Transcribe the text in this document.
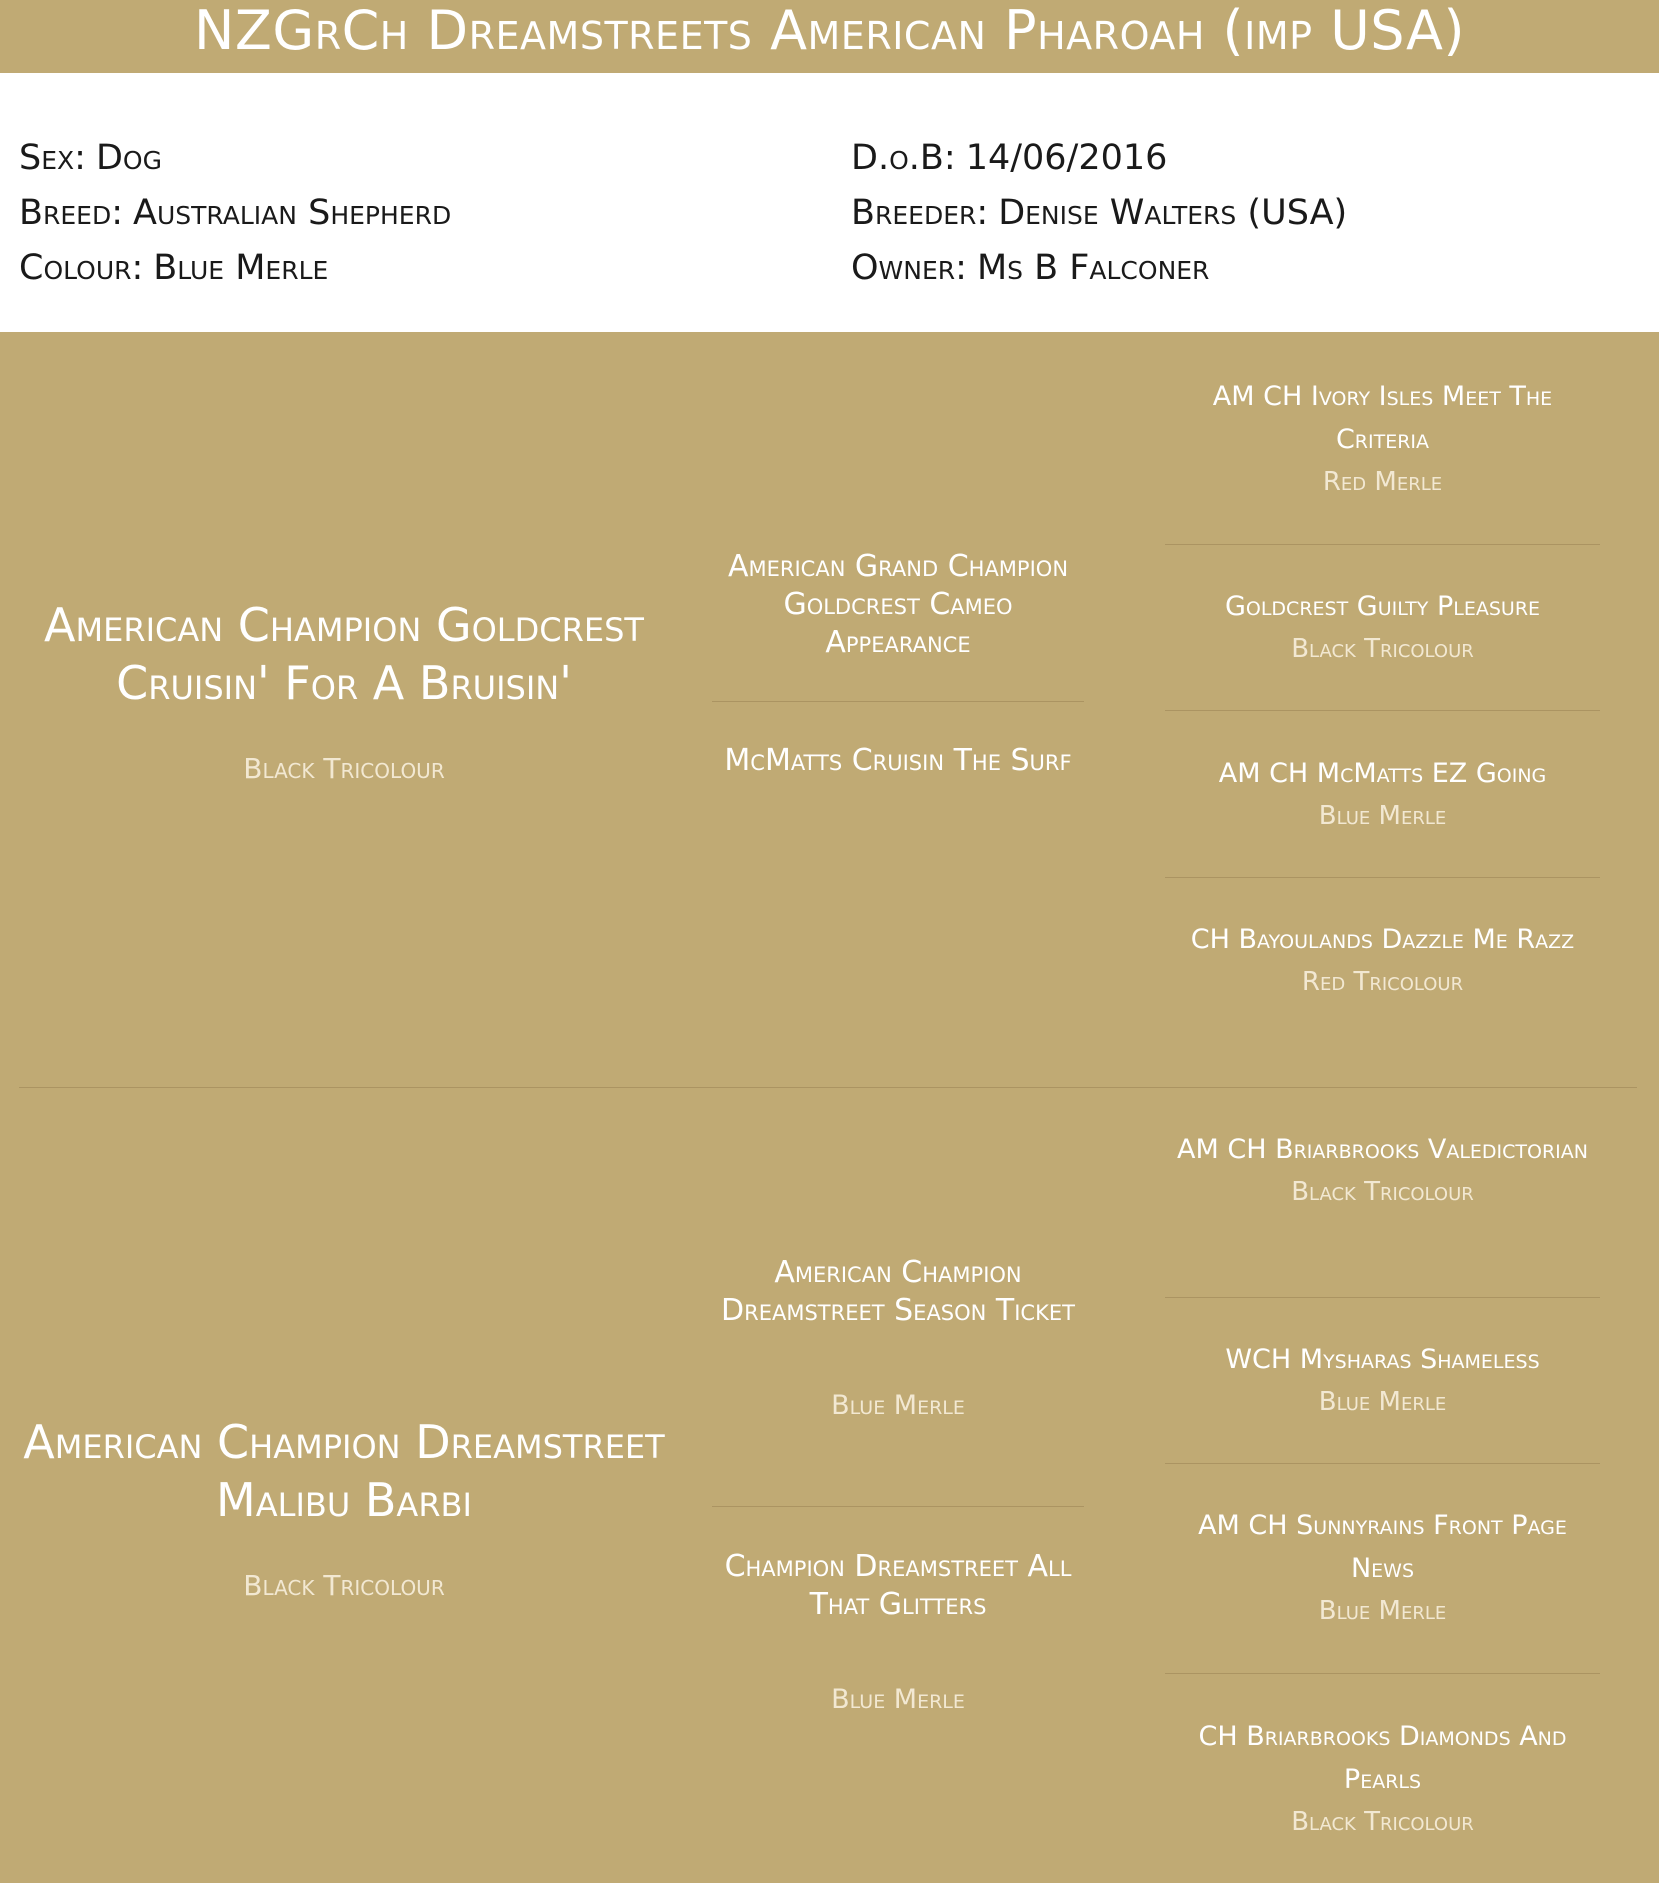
NZGrCh Dreamstreets American Pharoah (imp USA)
Sex: Dog
Breed: Australian Shepherd
Colour: Blue Merle
D.o.B: 14/06/2016
Breeder: Denise Walters (USA)
Owner: Ms B Falconer
American Champion Goldcrest Cruisin' For A Bruisin'
Black Tricolour
American Grand Champion Goldcrest Cameo Appearance
McMatts Cruisin The Surf
AM CH Ivory Isles Meet The Criteria
Red Merle
Goldcrest Guilty Pleasure
Black Tricolour
AM CH McMatts EZ Going
Blue Merle
CH Bayoulands Dazzle Me Razz
Red Tricolour
American Champion Dreamstreet Malibu Barbi
Black Tricolour
American Champion Dreamstreet Season Ticket
Blue Merle
Champion Dreamstreet All That Glitters
Blue Merle
AM CH Briarbrooks Valedictorian
Black Tricolour
WCH Mysharas Shameless
Blue Merle
AM CH Sunnyrains Front Page News
Blue Merle
CH Briarbrooks Diamonds And Pearls
Black Tricolour
